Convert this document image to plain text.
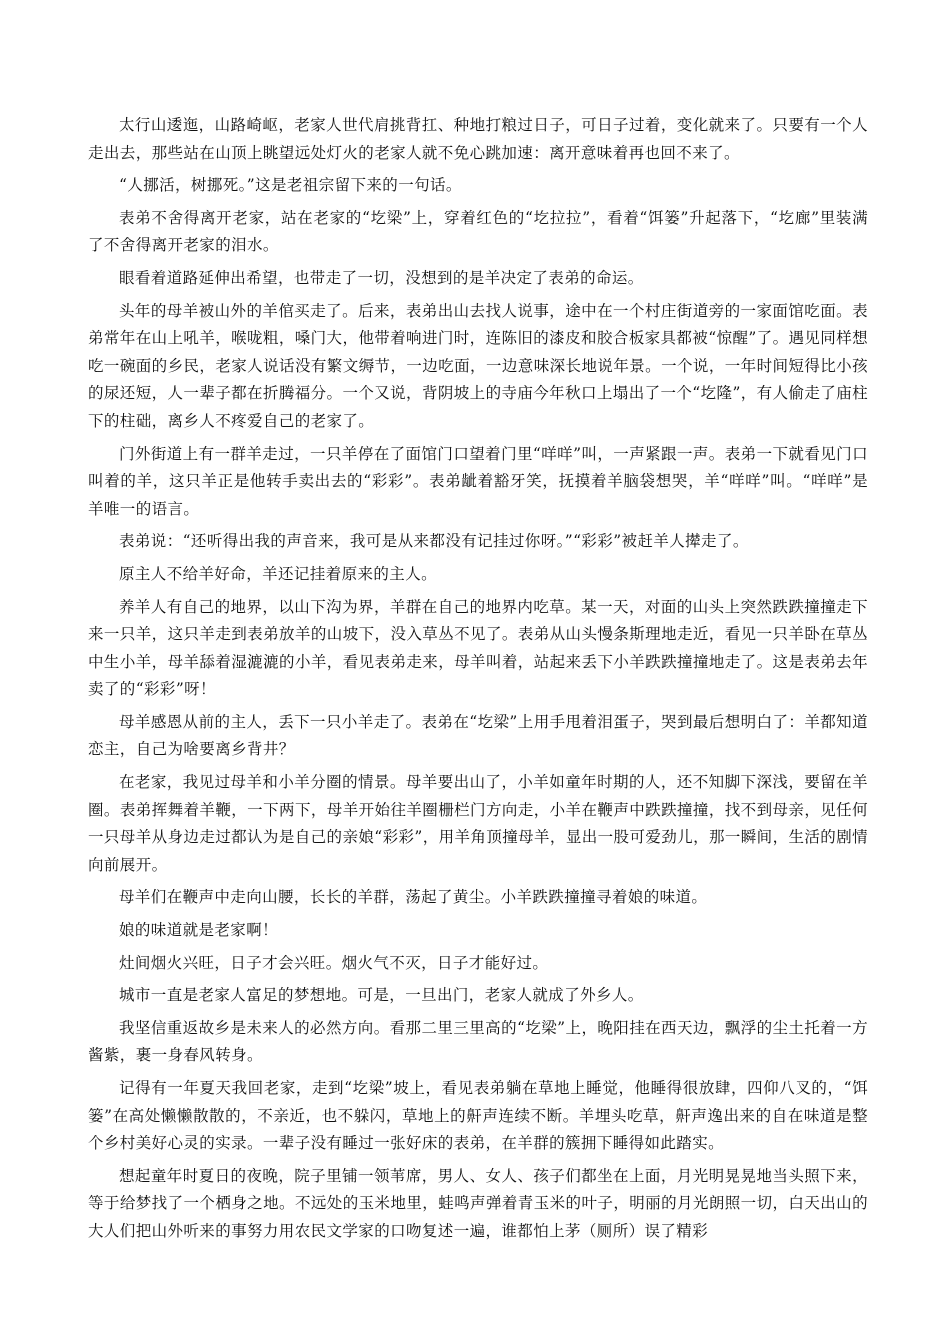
太行山逶迤，山路崎岖，老家人世代肩挑背扛、种地打粮过日子，可日子过着，变化就来了。只要有一个人走出去，那些站在山顶上眺望远处灯火的老家人就不免心跳加速：离开意味着再也回不来了。

“人挪活，树挪死。”这是老祖宗留下来的一句话。

表弟不舍得离开老家，站在老家的“圪梁”上，穿着红色的“圪拉拉”，看着“饵篓”升起落下，“圪廊”里装满了不舍得离开老家的泪水。

眼看着道路延伸出希望，也带走了一切，没想到的是羊决定了表弟的命运。

头年的母羊被山外的羊倌买走了。后来，表弟出山去找人说事，途中在一个村庄街道旁的一家面馆吃面。表弟常年在山上吼羊，喉咙粗，嗓门大，他带着响进门时，连陈旧的漆皮和胶合板家具都被“惊醒”了。遇见同样想吃一碗面的乡民，老家人说话没有繁文缛节，一边吃面，一边意味深长地说年景。一个说，一年时间短得比小孩的尿还短，人一辈子都在折腾福分。一个又说，背阴坡上的寺庙今年秋口上塌出了一个“圪隆”，有人偷走了庙柱下的柱础，离乡人不疼爱自己的老家了。

门外街道上有一群羊走过，一只羊停在了面馆门口望着门里“咩咩”叫，一声紧跟一声。表弟一下就看见门口叫着的羊，这只羊正是他转手卖出去的“彩彩”。表弟龇着豁牙笑，抚摸着羊脑袋想哭，羊“咩咩”叫。“咩咩”是羊唯一的语言。

表弟说：“还听得出我的声音来，我可是从来都没有记挂过你呀。”“彩彩”被赶羊人撵走了。

原主人不给羊好命，羊还记挂着原来的主人。

养羊人有自己的地界，以山下沟为界，羊群在自己的地界内吃草。某一天，对面的山头上突然跌跌撞撞走下来一只羊，这只羊走到表弟放羊的山坡下，没入草丛不见了。表弟从山头慢条斯理地走近，看见一只羊卧在草丛中生小羊，母羊舔着湿漉漉的小羊，看见表弟走来，母羊叫着，站起来丢下小羊跌跌撞撞地走了。这是表弟去年卖了的“彩彩”呀！

母羊感恩从前的主人，丢下一只小羊走了。表弟在“圪梁”上用手甩着泪蛋子，哭到最后想明白了：羊都知道恋主，自己为啥要离乡背井？

在老家，我见过母羊和小羊分圈的情景。母羊要出山了，小羊如童年时期的人，还不知脚下深浅，要留在羊圈。表弟挥舞着羊鞭，一下两下，母羊开始往羊圈栅栏门方向走，小羊在鞭声中跌跌撞撞，找不到母亲，见任何一只母羊从身边走过都认为是自己的亲娘“彩彩”，用羊角顶撞母羊，显出一股可爱劲儿，那一瞬间，生活的剧情向前展开。

母羊们在鞭声中走向山腰，长长的羊群，荡起了黄尘。小羊跌跌撞撞寻着娘的味道。

娘的味道就是老家啊！

灶间烟火兴旺，日子才会兴旺。烟火气不灭，日子才能好过。

城市一直是老家人富足的梦想地。可是，一旦出门，老家人就成了外乡人。

我坚信重返故乡是未来人的必然方向。看那二里三里高的“圪梁”上，晚阳挂在西天边，飘浮的尘土托着一方酱紫，裹一身春风转身。

记得有一年夏天我回老家，走到“圪梁”坡上，看见表弟躺在草地上睡觉，他睡得很放肆，四仰八叉的，“饵篓”在高处懒懒散散的，不亲近，也不躲闪，草地上的鼾声连续不断。羊埋头吃草，鼾声逸出来的自在味道是整个乡村美好心灵的实录。一辈子没有睡过一张好床的表弟，在羊群的簇拥下睡得如此踏实。

想起童年时夏日的夜晚，院子里铺一领苇席，男人、女人、孩子们都坐在上面，月光明晃晃地当头照下来，等于给梦找了一个栖身之地。不远处的玉米地里，蛙鸣声弹着青玉米的叶子，明丽的月光朗照一切，白天出山的大人们把山外听来的事努力用农民文学家的口吻复述一遍，谁都怕上茅（厕所）误了精彩
